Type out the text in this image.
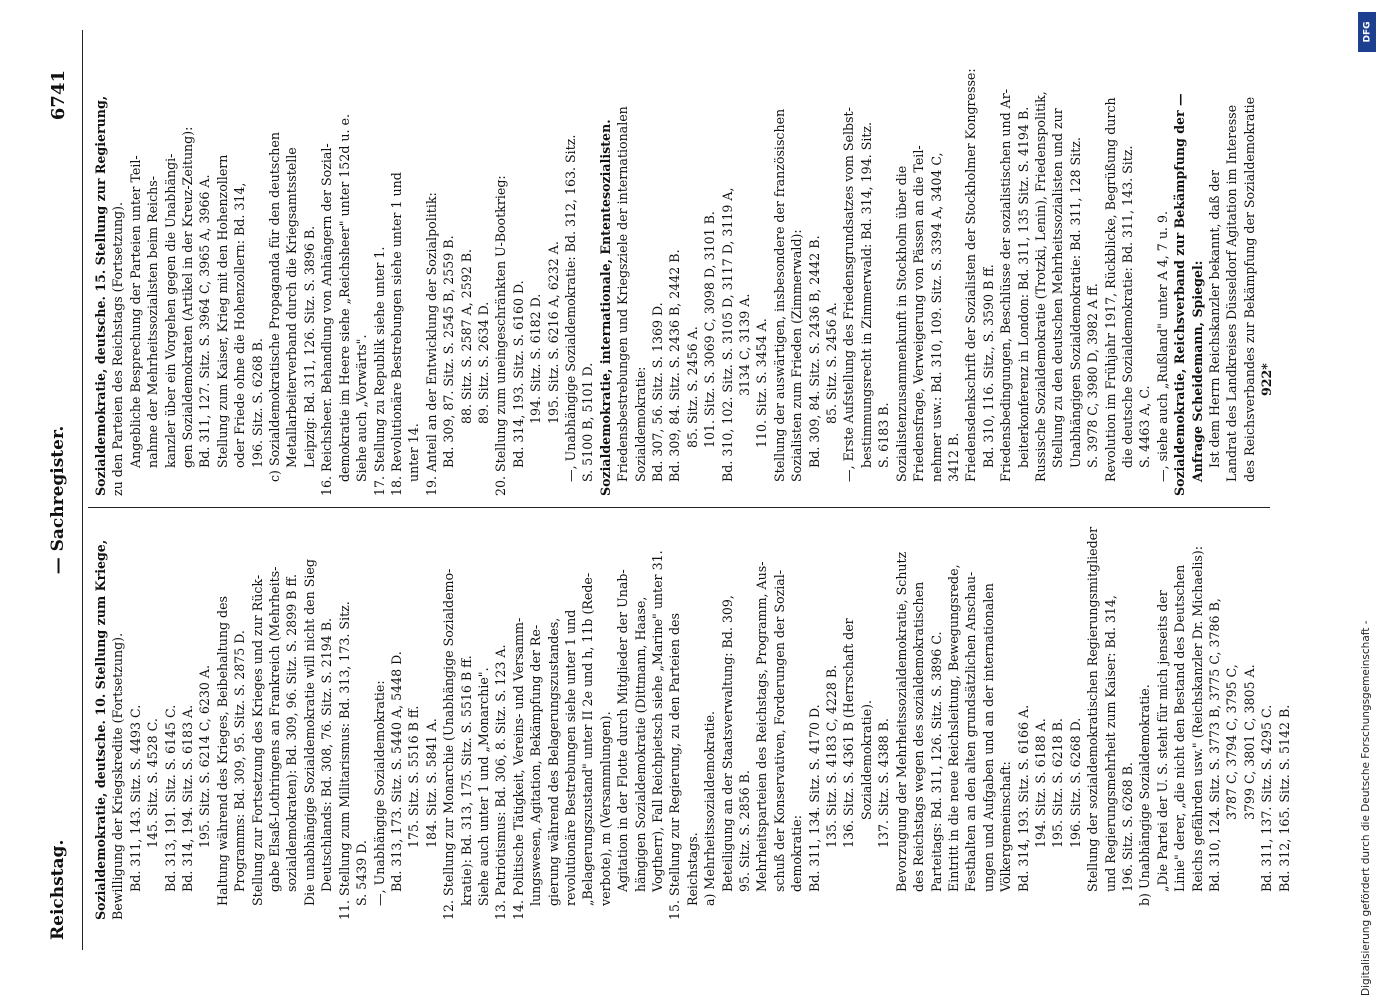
Reichstag.
— Sachregister.
6741
Sozialdemokratie, deutsche. 10. Stellung zum Kriege, Bewilligung der Kriegskredite (Fortsetzung). Bd. 311, 143. Sitz. S. 4493 C. 145. Sitz. S. 4528 C. Bd. 313, 191. Sitz. S. 6145 C. Bd. 314, 194. Sitz. S. 6183 A. 195. Sitz. S. 6214 C, 6230 A. Haltung während des Krieges, Beibehaltung des Programms: Bd. 309, 95. Sitz. S. 2875 D. Stellung zur Fortsetzung des Krieges und zur Rück- gabe Elsaß-Lothringens an Frankreich (Mehrheits- sozialdemokraten): Bd. 309, 96. Sitz. S. 2899 B ff. Die unabhängige Sozialdemokratie will nicht den Sieg Deutschlands: Bd. 308, 76. Sitz. S. 2194 B. 11. Stellung zum Militarismus: Bd. 313, 173. Sitz. S. 5439 D. —, Unabhängige Sozialdemokratie: Bd. 313, 173. Sitz. S. 5440 A, 5448 D. 175. Sitz. S. 5516 B ff. 184. Sitz. S. 5841 A. 12. Stellung zur Monarchie (Unabhängige Sozialdemo- kratie): Bd. 313, 175. Sitz. S. 5516 B ff. Siehe auch unter 1 und „Monarchie". 13. Patriotismus: Bd. 306, 8. Sitz. S. 123 A. 14. Politische Tätigkeit, Vereins- und Versamm- lungswesen, Agitation, Bekämpfung der Re- gierung während des Belagerungszustandes, revolutionäre Bestrebungen siehe unter 1 und „Belagerungszustand" unter II 2e und h, 11b (Rede- verbote), m (Versammlungen). Agitation in der Flotte durch Mitglieder der Unab- hängigen Sozialdemokratie (Dittmann, Haase, Vogtherr), Fall Reichpietsch siehe „Marine" unter 31. 15. Stellung zur Regierung, zu den Parteien des Reichstags. a) Mehrheitssozialdemokratie. Beteiligung an der Staatsverwaltung: Bd. 309, 95. Sitz. S. 2856 B. Mehrheitsparteien des Reichstags, Programm, Aus- schuß der Konservativen, Forderungen der Sozial- demokratie: Bd. 311, 134. Sitz. S. 4170 D. 135. Sitz. S. 4183 C, 4228 B. 136. Sitz. S. 4361 B (Herrschaft der Sozialdemokratie). 137. Sitz. S. 4388 B. Bevorzugung der Mehrheitssozialdemokratie, Schutz des Reichstags wegen des sozialdemokratischen Parteitags: Bd. 311, 126. Sitz. S. 3896 C. Eintritt in die neue Reichsleitung, Bewegungsrede, Festhalten an den alten grundsätzlichen Anschau- ungen und Aufgaben und an der internationalen Völkergemeinschaft: Bd. 314, 193. Sitz. S. 6166 A. 194. Sitz. S. 6188 A. 195. Sitz. S. 6218 B. 196. Sitz. S. 6268 D. Stellung der sozialdemokratischen Regierungsmitglieder und Regierungsmehrheit zum Kaiser: Bd. 314, 196. Sitz. S. 6268 B. b) Unabhängige Sozialdemokratie. „Die Partei der U. S. steht für mich jenseits der Linie" derer, „die nicht den Bestand des Deutschen Reichs gefährden usw." (Reichskanzler Dr. Michaelis): Bd. 310, 124. Sitz. S. 3773 B, 3775 C, 3786 B, 3787 C, 3794 C, 3795 C, 3799 C, 3801 C, 3805 A. Bd. 311, 137. Sitz. S. 4295 C. Bd. 312, 165. Sitz. S. 5142 B.
Sozialdemokratie, deutsche. 15. Stellung zur Regierung, zu den Parteien des Reichstags (Fortsetzung). Angebliche Besprechung der Parteien unter Teil- nahme der Mehrheitssozialisten beim Reichs- kanzler über ein Vorgehen gegen die Unabhängi- gen Sozialdemokraten (Artikel in der Kreuz-Zeitung): Bd. 311, 127. Sitz. S. 3964 C, 3965 A, 3966 A. Stellung zum Kaiser, Krieg mit den Hohenzollern oder Friede ohne die Hohenzollern: Bd. 314, 196. Sitz. S. 6268 B. c) Sozialdemokratische Propaganda für den deutschen Metallarbeiterverband durch die Kriegsamtsstelle Leipzig: Bd. 311, 126. Sitz. S. 3896 B. 16. Reichsheer. Behandlung von Anhängern der Sozial- demokratie im Heere siehe „Reichsheer" unter 152d u. e. Siehe auch „Vorwärts". 17. Stellung zu Republik siehe unter 1. 18. Revolutionäre Bestrebungen siehe unter 1 und unter 14. 19. Anteil an der Entwicklung der Sozialpolitik: Bd. 309, 87. Sitz. S. 2545 B, 2559 B. 88. Sitz. S. 2587 A, 2592 B. 89. Sitz. S. 2634 D. 20. Stellung zum uneingeschränkten U-Bootkrieg: Bd. 314, 193. Sitz. S. 6160 D. 194. Sitz. S. 6182 D. 195. Sitz. S. 6216 A, 6232 A. —, Unabhängige Sozialdemokratie: Bd. 312, 163. Sitz. S. 5100 B, 5101 D. Sozialdemokratie, internationale, Ententesozialisten. Friedensbestrebungen und Kriegsziele der internationalen Sozialdemokratie: Bd. 307, 56. Sitz. S. 1369 D. Bd. 309, 84. Sitz. S. 2436 B, 2442 B. 85. Sitz. S. 2456 A. 101. Sitz. S. 3069 C, 3098 D, 3101 B. Bd. 310, 102. Sitz. S. 3105 D, 3117 D, 3119 A, 3134 C, 3139 A. 110. Sitz. S. 3454 A. Stellung der auswärtigen, insbesondere der französischen Sozialisten zum Frieden (Zimmerwald): Bd. 309, 84. Sitz. S. 2436 B, 2442 B. 85. Sitz. S. 2456 A. —, Erste Aufstellung des Friedensgrundsatzes vom Selbst- bestimmungsrecht in Zimmerwald: Bd. 314, 194. Sitz. S. 6183 B. Sozialistenzusammenkunft in Stockholm über die Friedensfrage, Verweigerung von Pässen an die Teil- nehmer usw.: Bd. 310, 109. Sitz. S. 3394 A, 3404 C, 3412 B. Friedensdenkschrift der Sozialisten der Stockholmer Kongresse: Bd. 310, 116. Sitz., S. 3590 B ff. Friedensbedingungen, Beschlüsse der sozialistischen und Ar- beiterkonferenz in London: Bd. 311, 135 Sitz. S. 4194 B. Russische Sozialdemokratie (Trotzki, Lenin), Friedenspolitik, Stellung zu den deutschen Mehrheitssozialisten und zur Unabhängigen Sozialdemokratie: Bd. 311, 128 Sitz. S. 3978 C, 3980 D, 3982 A ff. Revolution im Frühjahr 1917, Rückblicke, Begrüßung durch die deutsche Sozialdemokratie: Bd. 311, 143. Sitz. S. 4463 A, C. —, siehe auch „Rußland" unter A 4, 7 u. 9. Sozialdemokratie, Reichsverband zur Bekämpfung der — Anfrage Scheidemann, Spiegel: Ist dem Herrn Reichskanzler bekannt, daß der Landrat des Landkreises Düsseldorf Agitation im Interesse des Reichsverbandes zur Bekämpfung der Sozialdemokratie 922*
DFG
Digitalisierung gefördert durch die Deutsche Forschungsgemeinschaft -
